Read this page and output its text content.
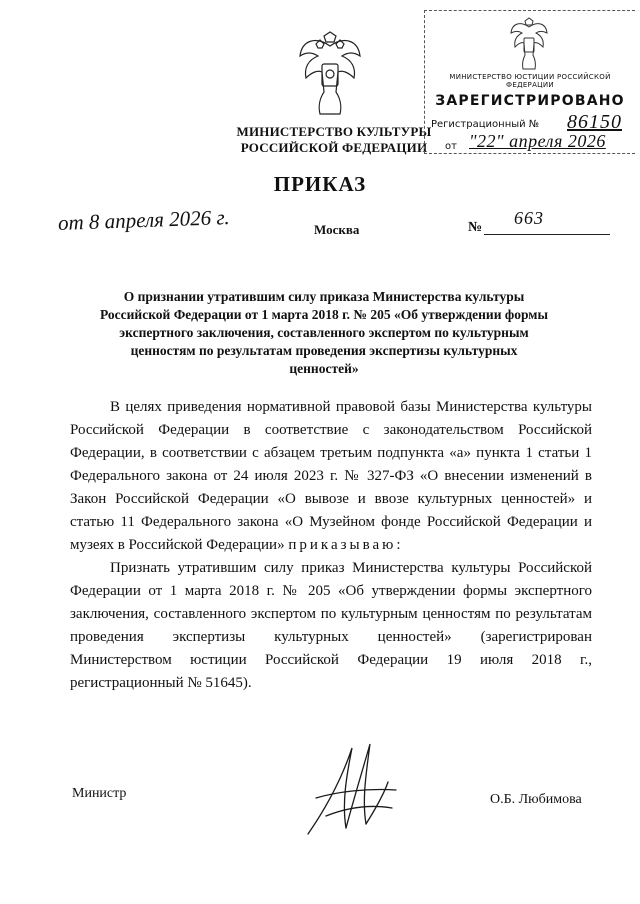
МИНИСТЕРСТВО КУЛЬТУРЫ
РОССИЙСКОЙ ФЕДЕРАЦИИ
МИНИСТЕРСТВО ЮСТИЦИИ РОССИЙСКОЙ ФЕДЕРАЦИИ
ЗАРЕГИСТРИРОВАНО
Регистрационный № 86150
от "22" апреля 2026
ПРИКАЗ
от 8 апреля 2026 г.	Москва	№ 663
О признании утратившим силу приказа Министерства культуры Российской Федерации от 1 марта 2018 г. № 205 «Об утверждении формы экспертного заключения, составленного экспертом по культурным ценностям по результатам проведения экспертизы культурных ценностей»

В целях приведения нормативной правовой базы Министерства культуры Российской Федерации в соответствие с законодательством Российской Федерации, в соответствии с абзацем третьим подпункта «а» пункта 1 статьи 1 Федерального закона от 24 июля 2023 г. № 327-ФЗ «О внесении изменений в Закон Российской Федерации «О вывозе и ввозе культурных ценностей» и статью 11 Федерального закона «О Музейном фонде Российской Федерации и музеях в Российской Федерации» приказываю:

Признать утратившим силу приказ Министерства культуры Российской Федерации от 1 марта 2018 г. № 205 «Об утверждении формы экспертного заключения, составленного экспертом по культурным ценностям по результатам проведения экспертизы культурных ценностей» (зарегистрирован Министерством юстиции Российской Федерации 19 июля 2018 г., регистрационный № 51645).

Министр	О.Б. Любимова
